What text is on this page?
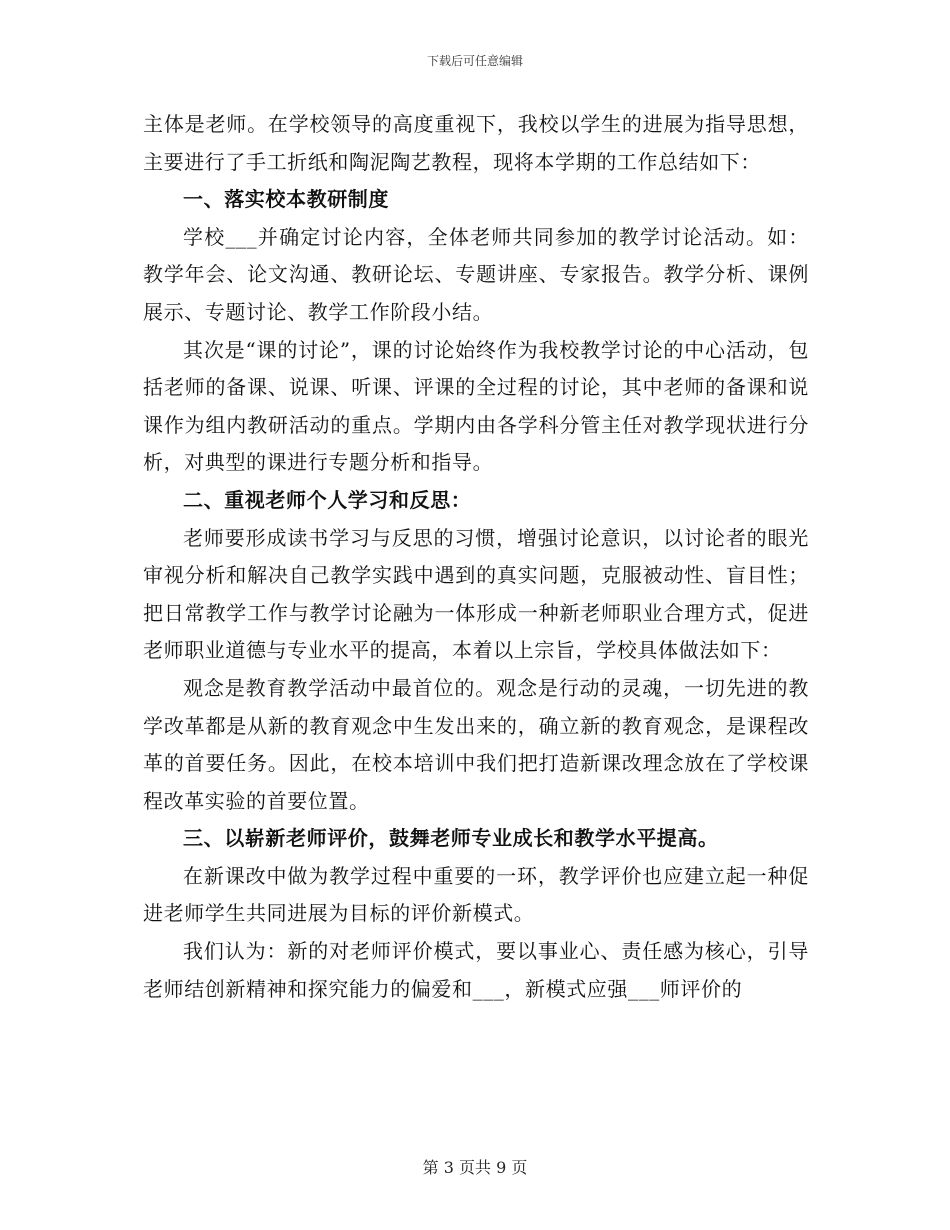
下载后可任意编辑

主体是老师。在学校领导的高度重视下，我校以学生的进展为指导思想，主要进行了手工折纸和陶泥陶艺教程，现将本学期的工作总结如下：

一、落实校本教研制度

学校___并确定讨论内容，全体老师共同参加的教学讨论活动。如：教学年会、论文沟通、教研论坛、专题讲座、专家报告。教学分析、课例展示、专题讨论、教学工作阶段小结。

其次是“课的讨论”，课的讨论始终作为我校教学讨论的中心活动，包括老师的备课、说课、听课、评课的全过程的讨论，其中老师的备课和说课作为组内教研活动的重点。学期内由各学科分管主任对教学现状进行分析，对典型的课进行专题分析和指导。

二、重视老师个人学习和反思：

老师要形成读书学习与反思的习惯，增强讨论意识，以讨论者的眼光审视分析和解决自己教学实践中遇到的真实问题，克服被动性、盲目性；把日常教学工作与教学讨论融为一体形成一种新老师职业合理方式，促进老师职业道德与专业水平的提高，本着以上宗旨，学校具体做法如下：

观念是教育教学活动中最首位的。观念是行动的灵魂，一切先进的教学改革都是从新的教育观念中生发出来的，确立新的教育观念，是课程改革的首要任务。因此，在校本培训中我们把打造新课改理念放在了学校课程改革实验的首要位置。

三、以崭新老师评价，鼓舞老师专业成长和教学水平提高。

在新课改中做为教学过程中重要的一环，教学评价也应建立起一种促进老师学生共同进展为目标的评价新模式。

我们认为：新的对老师评价模式，要以事业心、责任感为核心，引导老师结创新精神和探究能力的偏爱和___，新模式应强___师评价的

第 3 页共 9 页
